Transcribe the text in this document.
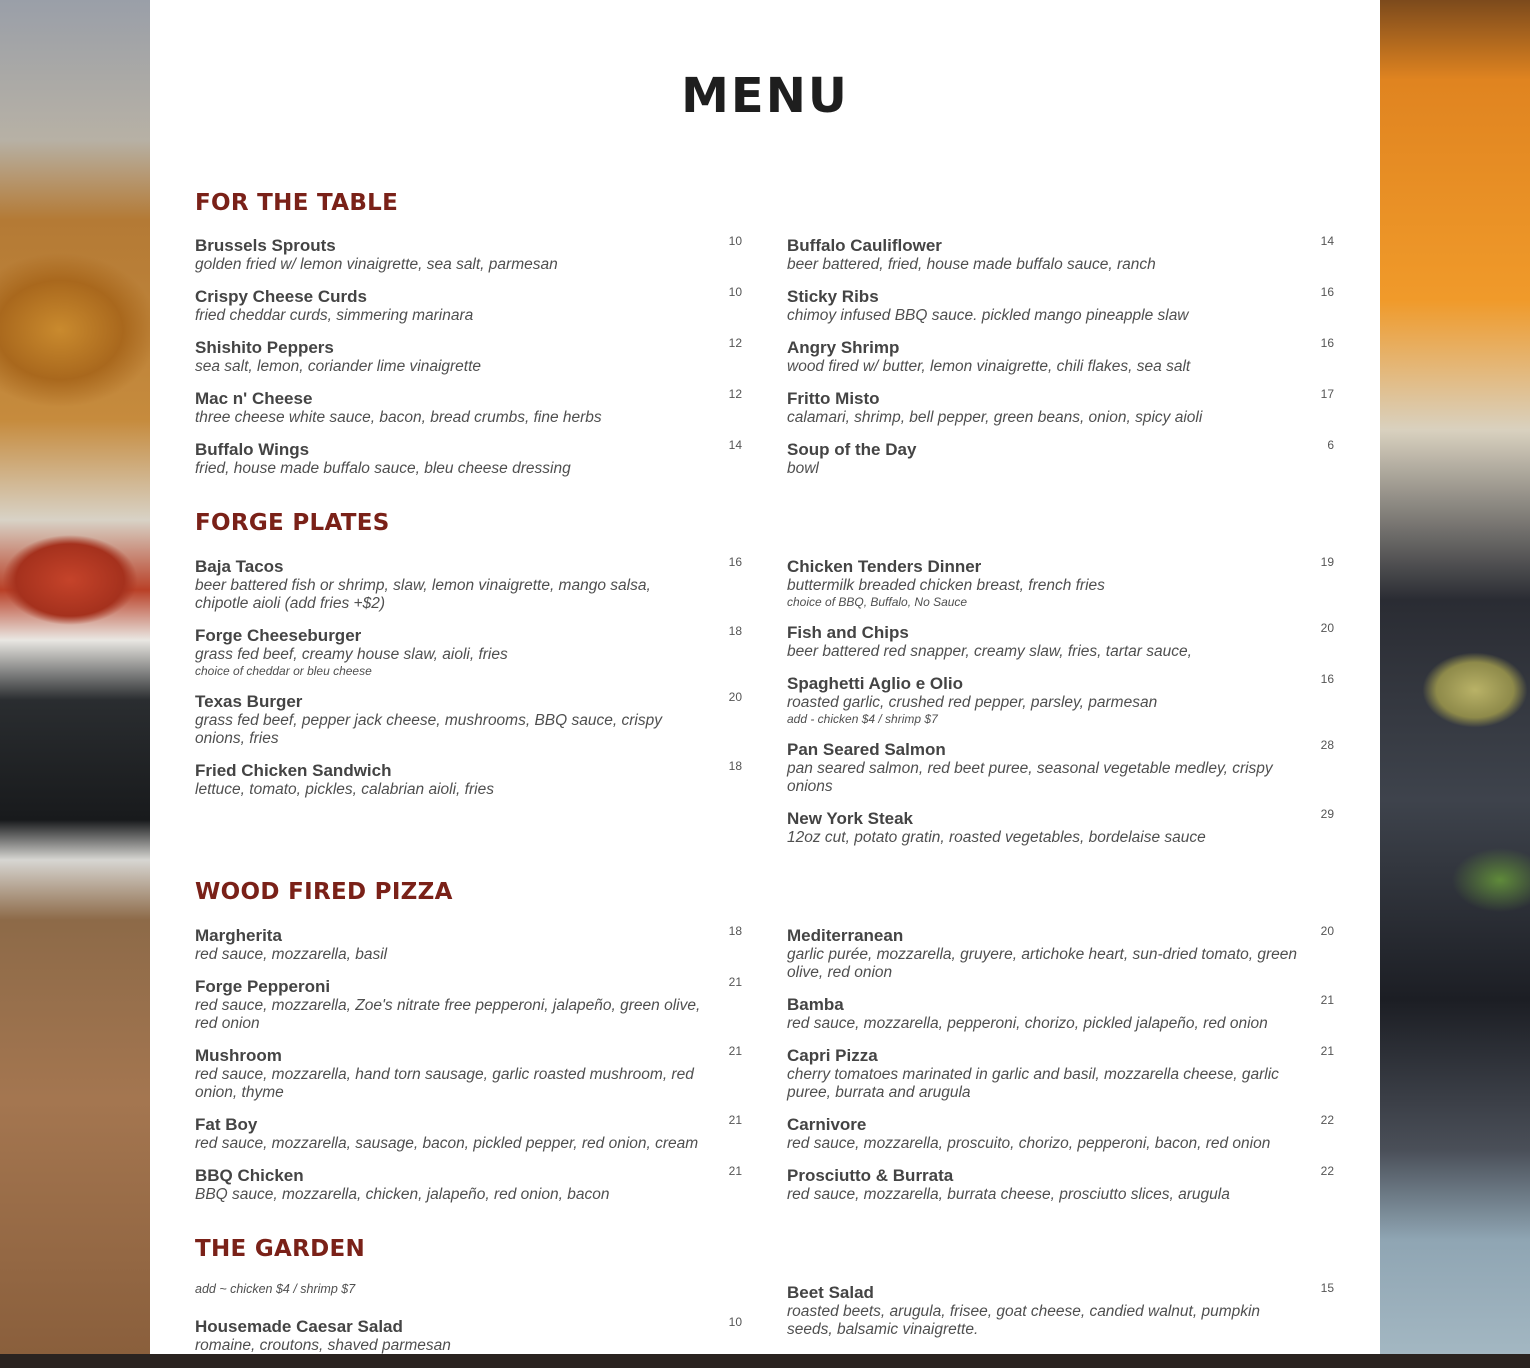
MENU
FOR THE TABLE
Brussels Sprouts	10
golden fried w/ lemon vinaigrette, sea salt, parmesan
Crispy Cheese Curds	10
fried cheddar curds, simmering marinara
Shishito Peppers	12
sea salt, lemon, coriander lime vinaigrette
Mac n' Cheese	12
three cheese white sauce, bacon, bread crumbs, fine herbs
Buffalo Wings	14
fried, house made buffalo sauce, bleu cheese dressing
Buffalo Cauliflower	14
beer battered, fried, house made buffalo sauce, ranch
Sticky Ribs	16
chimoy infused BBQ sauce. pickled mango pineapple slaw
Angry Shrimp	16
wood fired w/ butter, lemon vinaigrette, chili flakes, sea salt
Fritto Misto	17
calamari, shrimp, bell pepper, green beans, onion, spicy aioli
Soup of the Day	6
bowl
FORGE PLATES
Baja Tacos	16
beer battered fish or shrimp, slaw, lemon vinaigrette, mango salsa, chipotle aioli (add fries +$2)
Forge Cheeseburger	18
grass fed beef, creamy house slaw, aioli, fries
choice of cheddar or bleu cheese
Texas Burger	20
grass fed beef, pepper jack cheese, mushrooms, BBQ sauce, crispy onions, fries
Fried Chicken Sandwich	18
lettuce, tomato, pickles, calabrian aioli, fries
Chicken Tenders Dinner	19
buttermilk breaded chicken breast, french fries
choice of BBQ, Buffalo, No Sauce
Fish and Chips	20
beer battered red snapper, creamy slaw, fries, tartar sauce,
Spaghetti Aglio e Olio	16
roasted garlic, crushed red pepper, parsley, parmesan
add - chicken $4 / shrimp $7
Pan Seared Salmon	28
pan seared salmon, red beet puree, seasonal vegetable medley, crispy onions
New York Steak	29
12oz cut, potato gratin, roasted vegetables, bordelaise sauce
WOOD FIRED PIZZA
Margherita	18
red sauce, mozzarella, basil
Forge Pepperoni	21
red sauce, mozzarella, Zoe's nitrate free pepperoni, jalapeño, green olive, red onion
Mushroom	21
red sauce, mozzarella, hand torn sausage, garlic roasted mushroom, red onion, thyme
Fat Boy	21
red sauce, mozzarella, sausage, bacon, pickled pepper, red onion, cream
BBQ Chicken	21
BBQ sauce, mozzarella, chicken, jalapeño, red onion, bacon
Mediterranean	20
garlic purée, mozzarella, gruyere, artichoke heart, sun-dried tomato, green olive, red onion
Bamba	21
red sauce, mozzarella, pepperoni, chorizo, pickled jalapeño, red onion
Capri Pizza	21
cherry tomatoes marinated in garlic and basil, mozzarella cheese, garlic puree, burrata and arugula
Carnivore	22
red sauce, mozzarella, proscuito, chorizo, pepperoni, bacon, red onion
Prosciutto & Burrata	22
red sauce, mozzarella, burrata cheese, prosciutto slices, arugula
THE GARDEN
add ~ chicken $4 / shrimp $7
Housemade Caesar Salad	10
romaine, croutons, shaved parmesan
Beet Salad	15
roasted beets, arugula, frisee, goat cheese, candied walnut, pumpkin seeds, balsamic vinaigrette.
